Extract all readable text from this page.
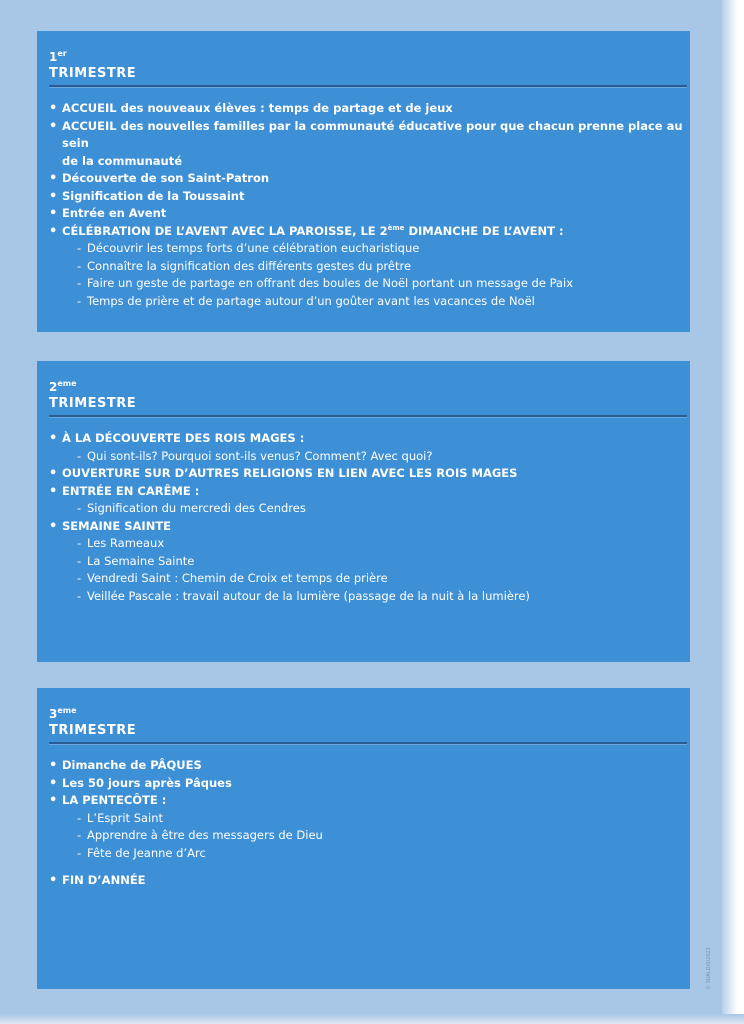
1er
TRIMESTRE
• ACCUEIL des nouveaux élèves : temps de partage et de jeux
• ACCUEIL des nouvelles familles par la communauté éducative pour que chacun prenne place au sein
de la communauté
• Découverte de son Saint-Patron
• Signification de la Toussaint
• Entrée en Avent
• CÉLÉBRATION DE L’AVENT AVEC LA PAROISSE, LE 2ème DIMANCHE DE L’AVENT :
- Découvrir les temps forts d’une célébration eucharistique
- Connaître la signification des différents gestes du prêtre
- Faire un geste de partage en offrant des boules de Noël portant un message de Paix
- Temps de prière et de partage autour d’un goûter avant les vacances de Noël
2eme
TRIMESTRE
• À LA DÉCOUVERTE DES ROIS MAGES :
- Qui sont-ils? Pourquoi sont-ils venus? Comment? Avec quoi?
• OUVERTURE SUR D’AUTRES RELIGIONS EN LIEN AVEC LES ROIS MAGES
• ENTRÉE EN CARÊME :
- Signification du mercredi des Cendres
• SEMAINE SAINTE
- Les Rameaux
- La Semaine Sainte
- Vendredi Saint : Chemin de Croix et temps de prière
- Veillée Pascale : travail autour de la lumière (passage de la nuit à la lumière)
3eme
TRIMESTRE
• Dimanche de PÂQUES
• Les 50 jours après Pâques
• LA PENTECÔTE :
- L’Esprit Saint
- Apprendre à être des messagers de Dieu
- Fête de Jeanne d’Arc
• FIN D’ANNÉE
© SDALD/0/2022
